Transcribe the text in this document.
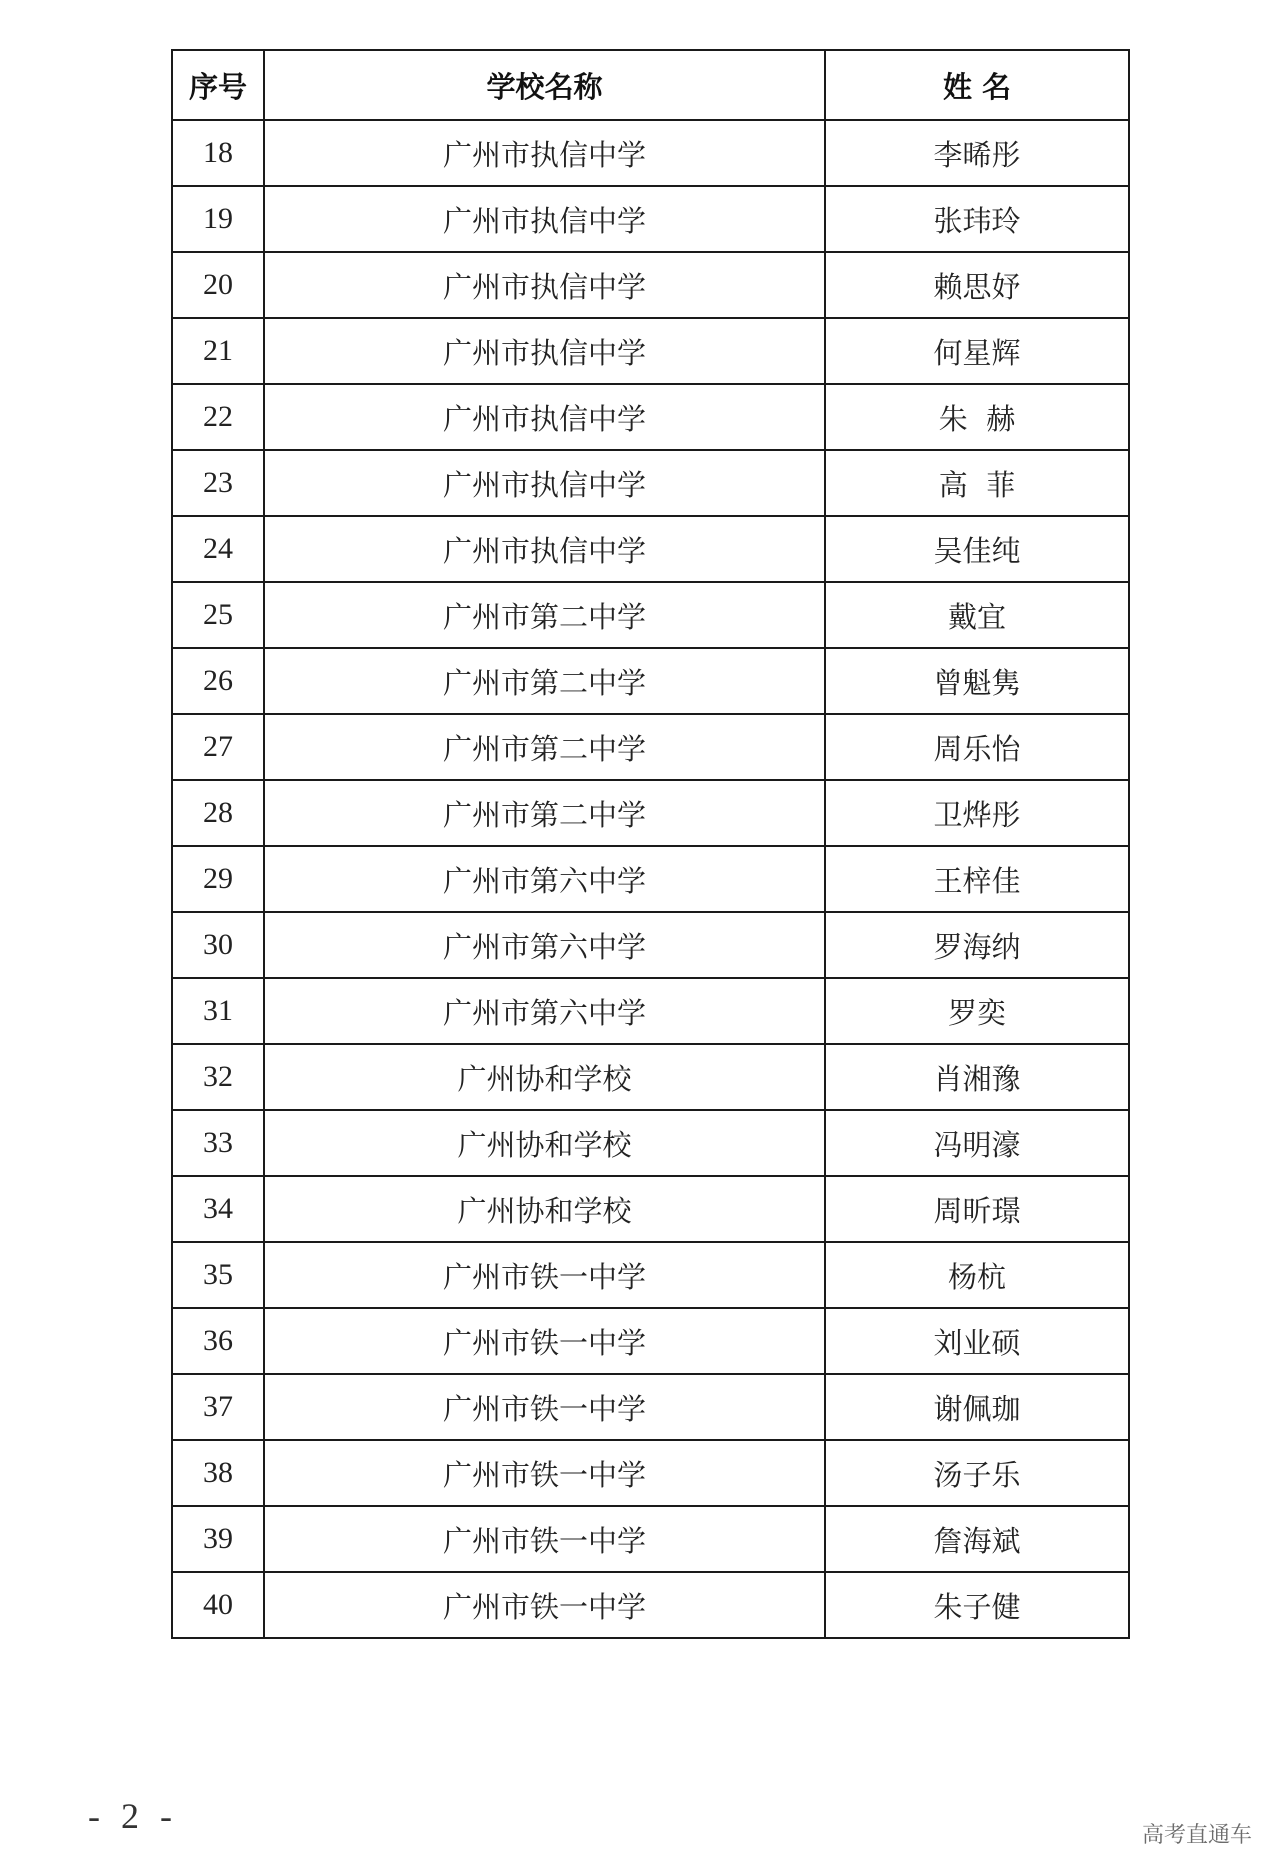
序号	学校名称	姓 名
18	广州市执信中学	李晞彤
19	广州市执信中学	张玮玲
20	广州市执信中学	赖思妤
21	广州市执信中学	何星辉
22	广州市执信中学	朱  赫
23	广州市执信中学	高  菲
24	广州市执信中学	吴佳纯
25	广州市第二中学	戴宜
26	广州市第二中学	曾魁隽
27	广州市第二中学	周乐怡
28	广州市第二中学	卫烨彤
29	广州市第六中学	王梓佳
30	广州市第六中学	罗海纳
31	广州市第六中学	罗奕
32	广州协和学校	肖湘豫
33	广州协和学校	冯明濠
34	广州协和学校	周昕璟
35	广州市铁一中学	杨杭
36	广州市铁一中学	刘业硕
37	广州市铁一中学	谢佩珈
38	广州市铁一中学	汤子乐
39	广州市铁一中学	詹海斌
40	广州市铁一中学	朱子健
- 2 -	高考直通车
